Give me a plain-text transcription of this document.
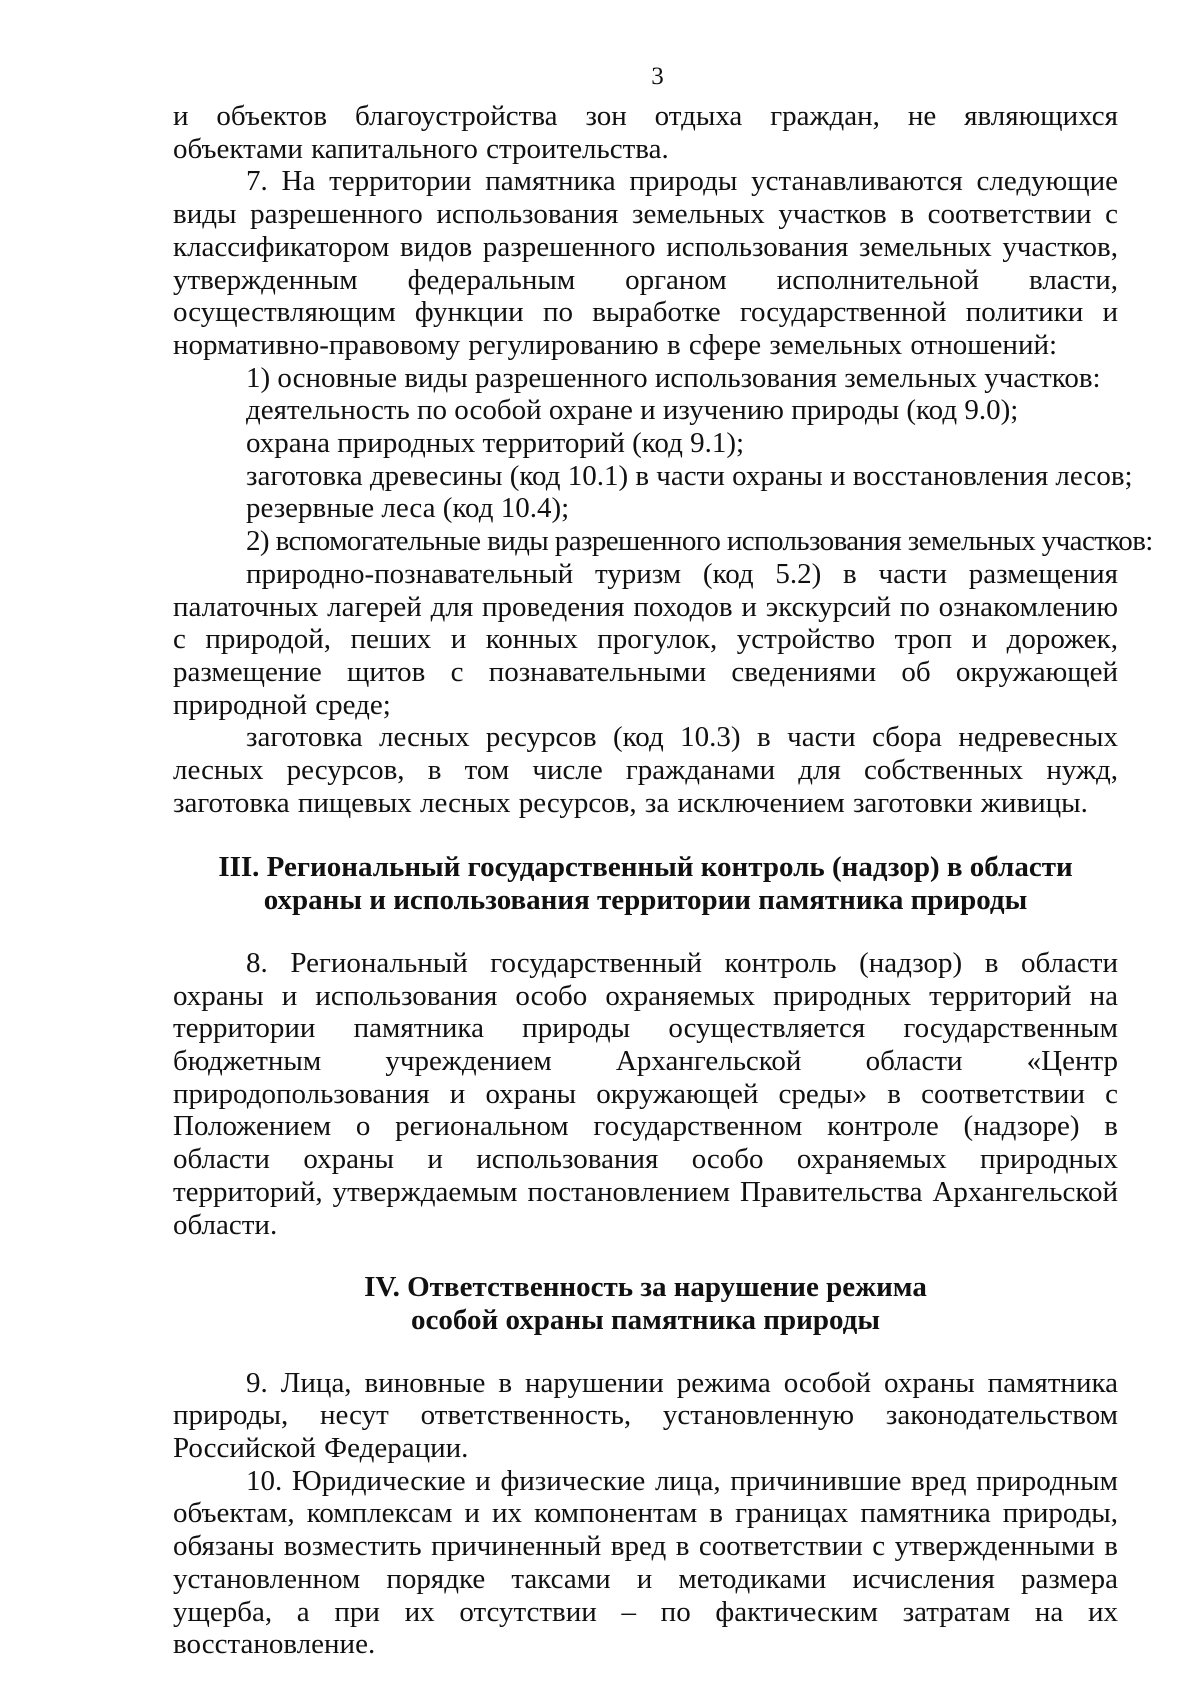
3

и объектов благоустройства зон отдыха граждан, не являющихся объектами капитального строительства.

7. На территории памятника природы устанавливаются следующие виды разрешенного использования земельных участков в соответствии с классификатором видов разрешенного использования земельных участков, утвержденным федеральным органом исполнительной власти, осуществляющим функции по выработке государственной политики и нормативно-правовому регулированию в сфере земельных отношений:

1) основные виды разрешенного использования земельных участков:

деятельность по особой охране и изучению природы (код 9.0);

охрана природных территорий (код 9.1);

заготовка древесины (код 10.1) в части охраны и восстановления лесов;

резервные леса (код 10.4);

2) вспомогательные виды разрешенного использования земельных участков:

природно-познавательный туризм (код 5.2) в части размещения палаточных лагерей для проведения походов и экскурсий по ознакомлению с природой, пеших и конных прогулок, устройство троп и дорожек, размещение щитов с познавательными сведениями об окружающей природной среде;

заготовка лесных ресурсов (код 10.3) в части сбора недревесных лесных ресурсов, в том числе гражданами для собственных нужд, заготовка пищевых лесных ресурсов, за исключением заготовки живицы.

III. Региональный государственный контроль (надзор) в области

охраны и использования территории памятника природы

8. Региональный государственный контроль (надзор) в области охраны и использования особо охраняемых природных территорий на территории памятника природы осуществляется государственным бюджетным учреждением Архангельской области «Центр природопользования и охраны окружающей среды» в соответствии с Положением о региональном государственном контроле (надзоре) в области охраны и использования особо охраняемых природных территорий, утверждаемым постановлением Правительства Архангельской области.

IV. Ответственность за нарушение режима

особой охраны памятника природы

9. Лица, виновные в нарушении режима особой охраны памятника природы, несут ответственность, установленную законодательством Российской Федерации.

10. Юридические и физические лица, причинившие вред природным объектам, комплексам и их компонентам в границах памятника природы, обязаны возместить причиненный вред в соответствии с утвержденными в установленном порядке таксами и методиками исчисления размера ущерба, а при их отсутствии – по фактическим затратам на их восстановление.
